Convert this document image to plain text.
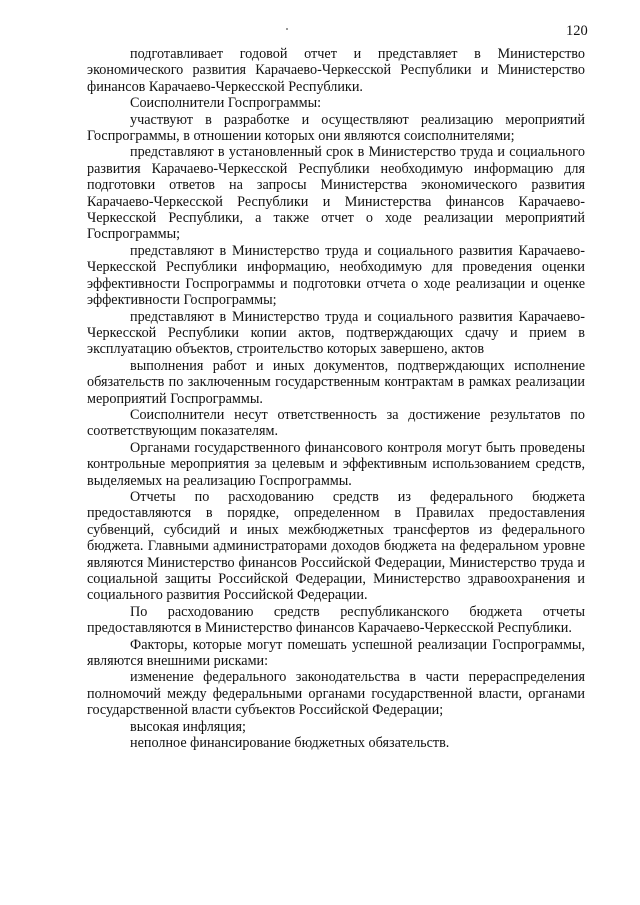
120

подготавливает годовой отчет и представляет в Министерство экономического развития Карачаево-Черкесской Республики и Министерство финансов Карачаево-Черкесской Республики.

Соисполнители Госпрограммы:

участвуют в разработке и осуществляют реализацию мероприятий Госпрограммы, в отношении которых они являются соисполнителями;

представляют в установленный срок в Министерство труда и социального развития Карачаево-Черкесской Республики необходимую информацию для подготовки ответов на запросы Министерства экономического развития Карачаево-Черкесской Республики и Министерства финансов Карачаево-Черкесской Республики, а также отчет о ходе реализации мероприятий Госпрограммы;

представляют в Министерство труда и социального развития Карачаево-Черкесской Республики информацию, необходимую для проведения оценки эффективности Госпрограммы и подготовки отчета о ходе реализации и оценке эффективности Госпрограммы;

представляют в Министерство труда и социального развития Карачаево-Черкесской Республики копии актов, подтверждающих сдачу и прием в эксплуатацию объектов, строительство которых завершено, актов

выполнения работ и иных документов, подтверждающих исполнение обязательств по заключенным государственным контрактам в рамках реализации мероприятий Госпрограммы.

Соисполнители несут ответственность за достижение результатов по соответствующим показателям.

Органами государственного финансового контроля могут быть проведены контрольные мероприятия за целевым и эффективным использованием средств, выделяемых на реализацию Госпрограммы.

Отчеты по расходованию средств из федерального бюджета предоставляются в порядке, определенном в Правилах предоставления субвенций, субсидий и иных межбюджетных трансфертов из федерального бюджета. Главными администраторами доходов бюджета на федеральном уровне являются Министерство финансов Российской Федерации, Министерство труда и социальной защиты Российской Федерации, Министерство здравоохранения и социального развития Российской Федерации.

По расходованию средств республиканского бюджета отчеты предоставляются в Министерство финансов Карачаево-Черкесской Республики.

Факторы, которые могут помешать успешной реализации Госпрограммы, являются внешними рисками:

изменение федерального законодательства в части перераспределения полномочий между федеральными органами государственной власти, органами государственной власти субъектов Российской Федерации;

высокая инфляция;

неполное финансирование бюджетных обязательств.
